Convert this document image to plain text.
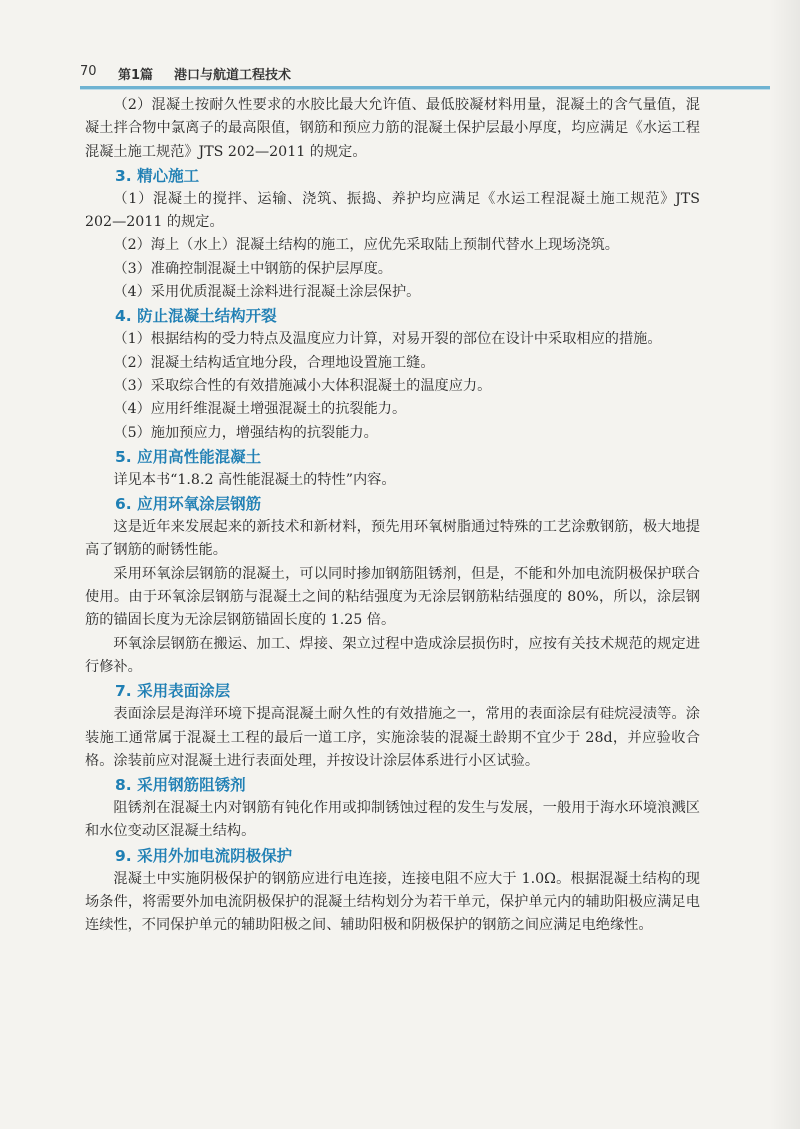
70 第1篇 港口与航道工程技术

（2）混凝土按耐久性要求的水胶比最大允许值、最低胶凝材料用量，混凝土的含气量值，混凝土拌合物中氯离子的最高限值，钢筋和预应力筋的混凝土保护层最小厚度，均应满足《水运工程混凝土施工规范》JTS 202—2011 的规定。

3. 精心施工

（1）混凝土的搅拌、运输、浇筑、振捣、养护均应满足《水运工程混凝土施工规范》JTS 202—2011 的规定。

（2）海上（水上）混凝土结构的施工，应优先采取陆上预制代替水上现场浇筑。

（3）准确控制混凝土中钢筋的保护层厚度。

（4）采用优质混凝土涂料进行混凝土涂层保护。

4. 防止混凝土结构开裂

（1）根据结构的受力特点及温度应力计算，对易开裂的部位在设计中采取相应的措施。

（2）混凝土结构适宜地分段，合理地设置施工缝。

（3）采取综合性的有效措施减小大体积混凝土的温度应力。

（4）应用纤维混凝土增强混凝土的抗裂能力。

（5）施加预应力，增强结构的抗裂能力。

5. 应用高性能混凝土

详见本书“1.8.2 高性能混凝土的特性”内容。

6. 应用环氧涂层钢筋

这是近年来发展起来的新技术和新材料，预先用环氧树脂通过特殊的工艺涂敷钢筋，极大地提高了钢筋的耐锈性能。

采用环氧涂层钢筋的混凝土，可以同时掺加钢筋阻锈剂，但是，不能和外加电流阴极保护联合使用。由于环氧涂层钢筋与混凝土之间的粘结强度为无涂层钢筋粘结强度的 80%，所以，涂层钢筋的锚固长度为无涂层钢筋锚固长度的 1.25 倍。

环氧涂层钢筋在搬运、加工、焊接、架立过程中造成涂层损伤时，应按有关技术规范的规定进行修补。

7. 采用表面涂层

表面涂层是海洋环境下提高混凝土耐久性的有效措施之一，常用的表面涂层有硅烷浸渍等。涂装施工通常属于混凝土工程的最后一道工序，实施涂装的混凝土龄期不宜少于 28d，并应验收合格。涂装前应对混凝土进行表面处理，并按设计涂层体系进行小区试验。

8. 采用钢筋阻锈剂

阻锈剂在混凝土内对钢筋有钝化作用或抑制锈蚀过程的发生与发展，一般用于海水环境浪溅区和水位变动区混凝土结构。

9. 采用外加电流阴极保护

混凝土中实施阴极保护的钢筋应进行电连接，连接电阻不应大于 1.0Ω。根据混凝土结构的现场条件，将需要外加电流阴极保护的混凝土结构划分为若干单元，保护单元内的辅助阳极应满足电连续性，不同保护单元的辅助阳极之间、辅助阳极和阴极保护的钢筋之间应满足电绝缘性。
